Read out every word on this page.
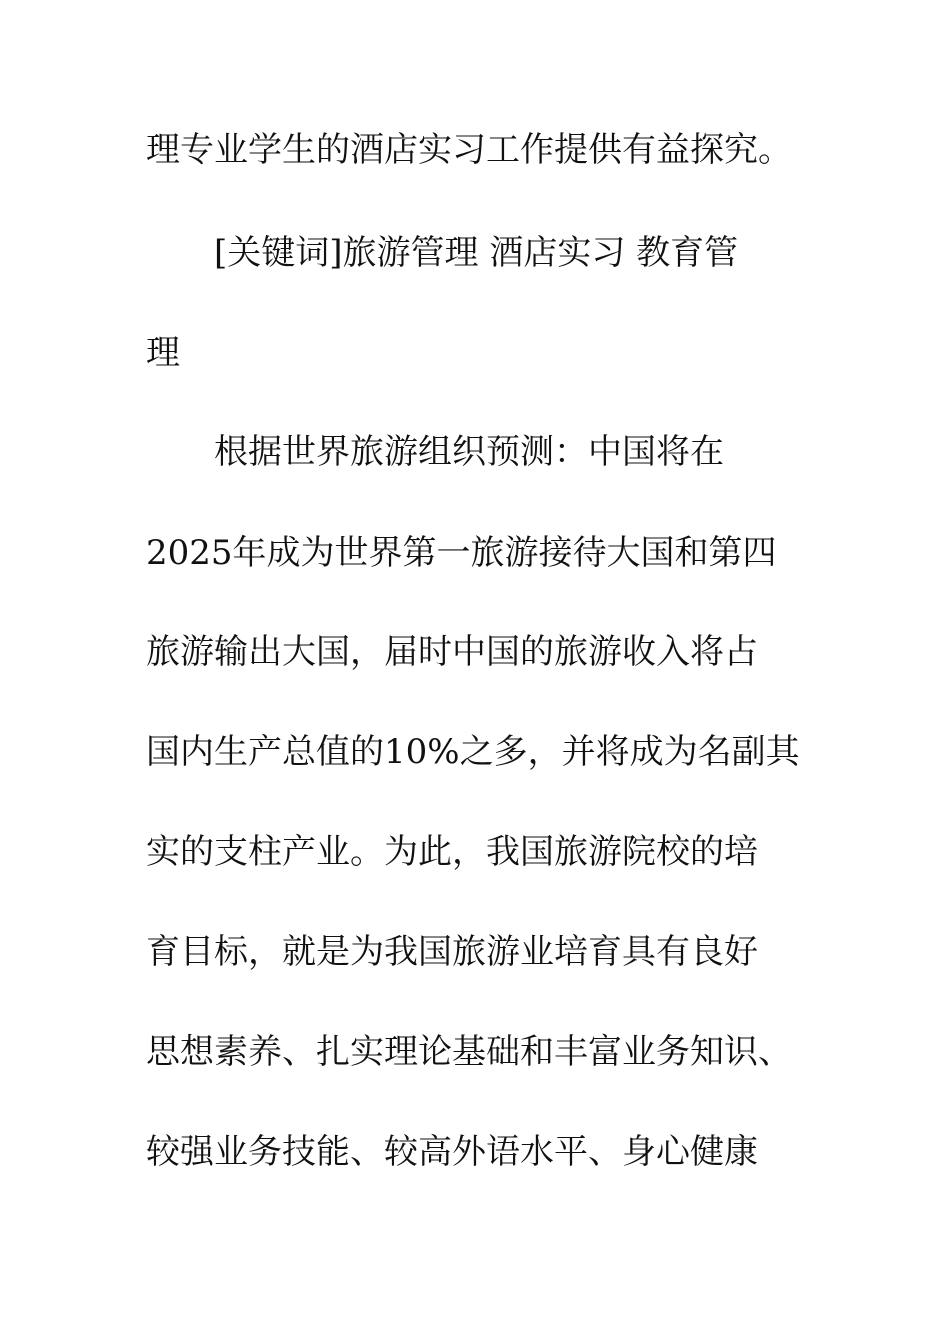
理专业学生的酒店实习工作提供有益探究。
[关键词]旅游管理 酒店实习 教育管
理
根据世界旅游组织预测：中国将在
2025年成为世界第一旅游接待大国和第四
旅游输出大国，届时中国的旅游收入将占
国内生产总值的10%之多，并将成为名副其
实的支柱产业。为此，我国旅游院校的培
育目标，就是为我国旅游业培育具有良好
思想素养、扎实理论基础和丰富业务知识、
较强业务技能、较高外语水平、身心健康
